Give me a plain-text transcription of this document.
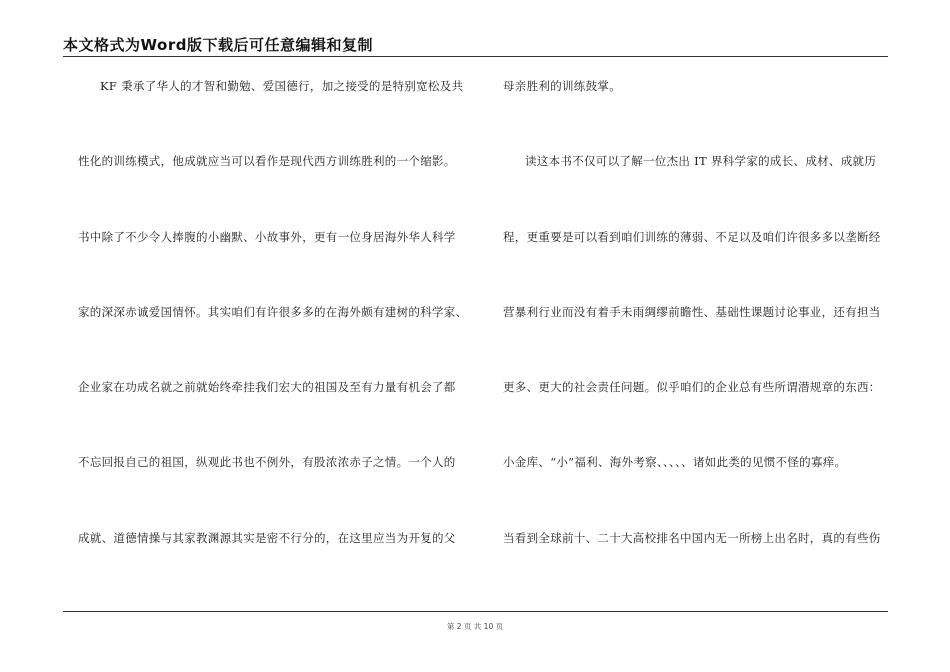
本文格式为Word版下载后可任意编辑和复制
KF 秉承了华人的才智和勤勉、爱国德行，加之接受的是特别宽松及共
性化的训练模式，他成就应当可以看作是现代西方训练胜利的一个缩影。
书中除了不少令人捧腹的小幽默、小故事外，更有一位身居海外华人科学
家的深深赤诚爱国情怀。其实咱们有许很多多的在海外颇有建树的科学家、
企业家在功成名就之前就始终牵挂我们宏大的祖国及至有力量有机会了都
不忘回报自己的祖国，纵观此书也不例外，有股浓浓赤子之情。一个人的
成就、道德情操与其家教渊源其实是密不行分的，在这里应当为开复的父
母亲胜利的训练鼓掌。
读这本书不仅可以了解一位杰出 IT 界科学家的成长、成材、成就历
程，更重要是可以看到咱们训练的薄弱、不足以及咱们许很多多以垄断经
营暴利行业而没有着手未雨绸缪前瞻性、基础性课题讨论事业，还有担当
更多、更大的社会责任问题。似乎咱们的企业总有些所谓潜规章的东西：
小金库、“小”福利、海外考察、、、、、诸如此类的见惯不怪的寡痒。
当看到全球前十、二十大高校排名中国内无一所榜上出名时，真的有些伤
第 2 页 共 10 页
